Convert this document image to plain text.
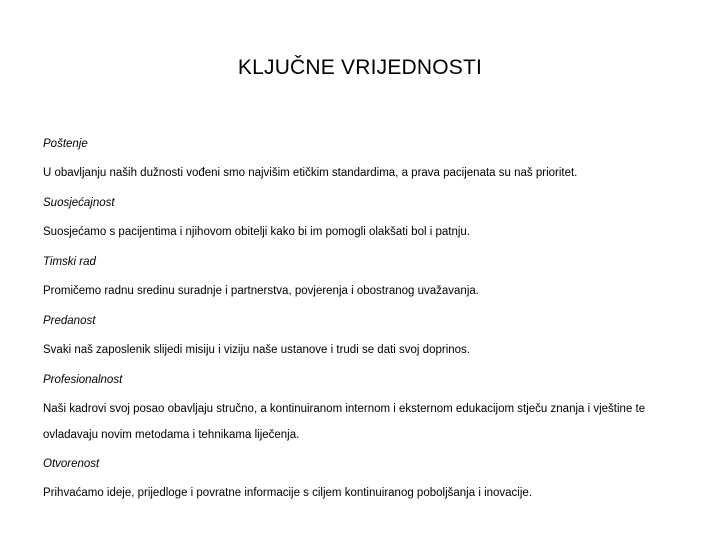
KLJUČNE VRIJEDNOSTI
Poštenje
U obavljanju naših dužnosti vođeni smo najvišim etičkim standardima, a prava pacijenata su naš prioritet.
Suosjećajnost
Suosjećamo s pacijentima i njihovom obitelji kako bi im pomogli olakšati bol i patnju.
Timski rad
Promičemo radnu sredinu suradnje i partnerstva, povjerenja i obostranog uvažavanja.
Predanost
Svaki naš zaposlenik slijedi misiju i viziju naše ustanove i trudi se dati svoj doprinos.
Profesionalnost
Naši kadrovi svoj posao obavljaju stručno, a kontinuiranom internom i eksternom edukacijom stječu znanja i vještine te ovladavaju novim metodama i tehnikama liječenja.
Otvorenost
Prihvaćamo ideje, prijedloge i povratne informacije s ciljem kontinuiranog poboljšanja i inovacije.
